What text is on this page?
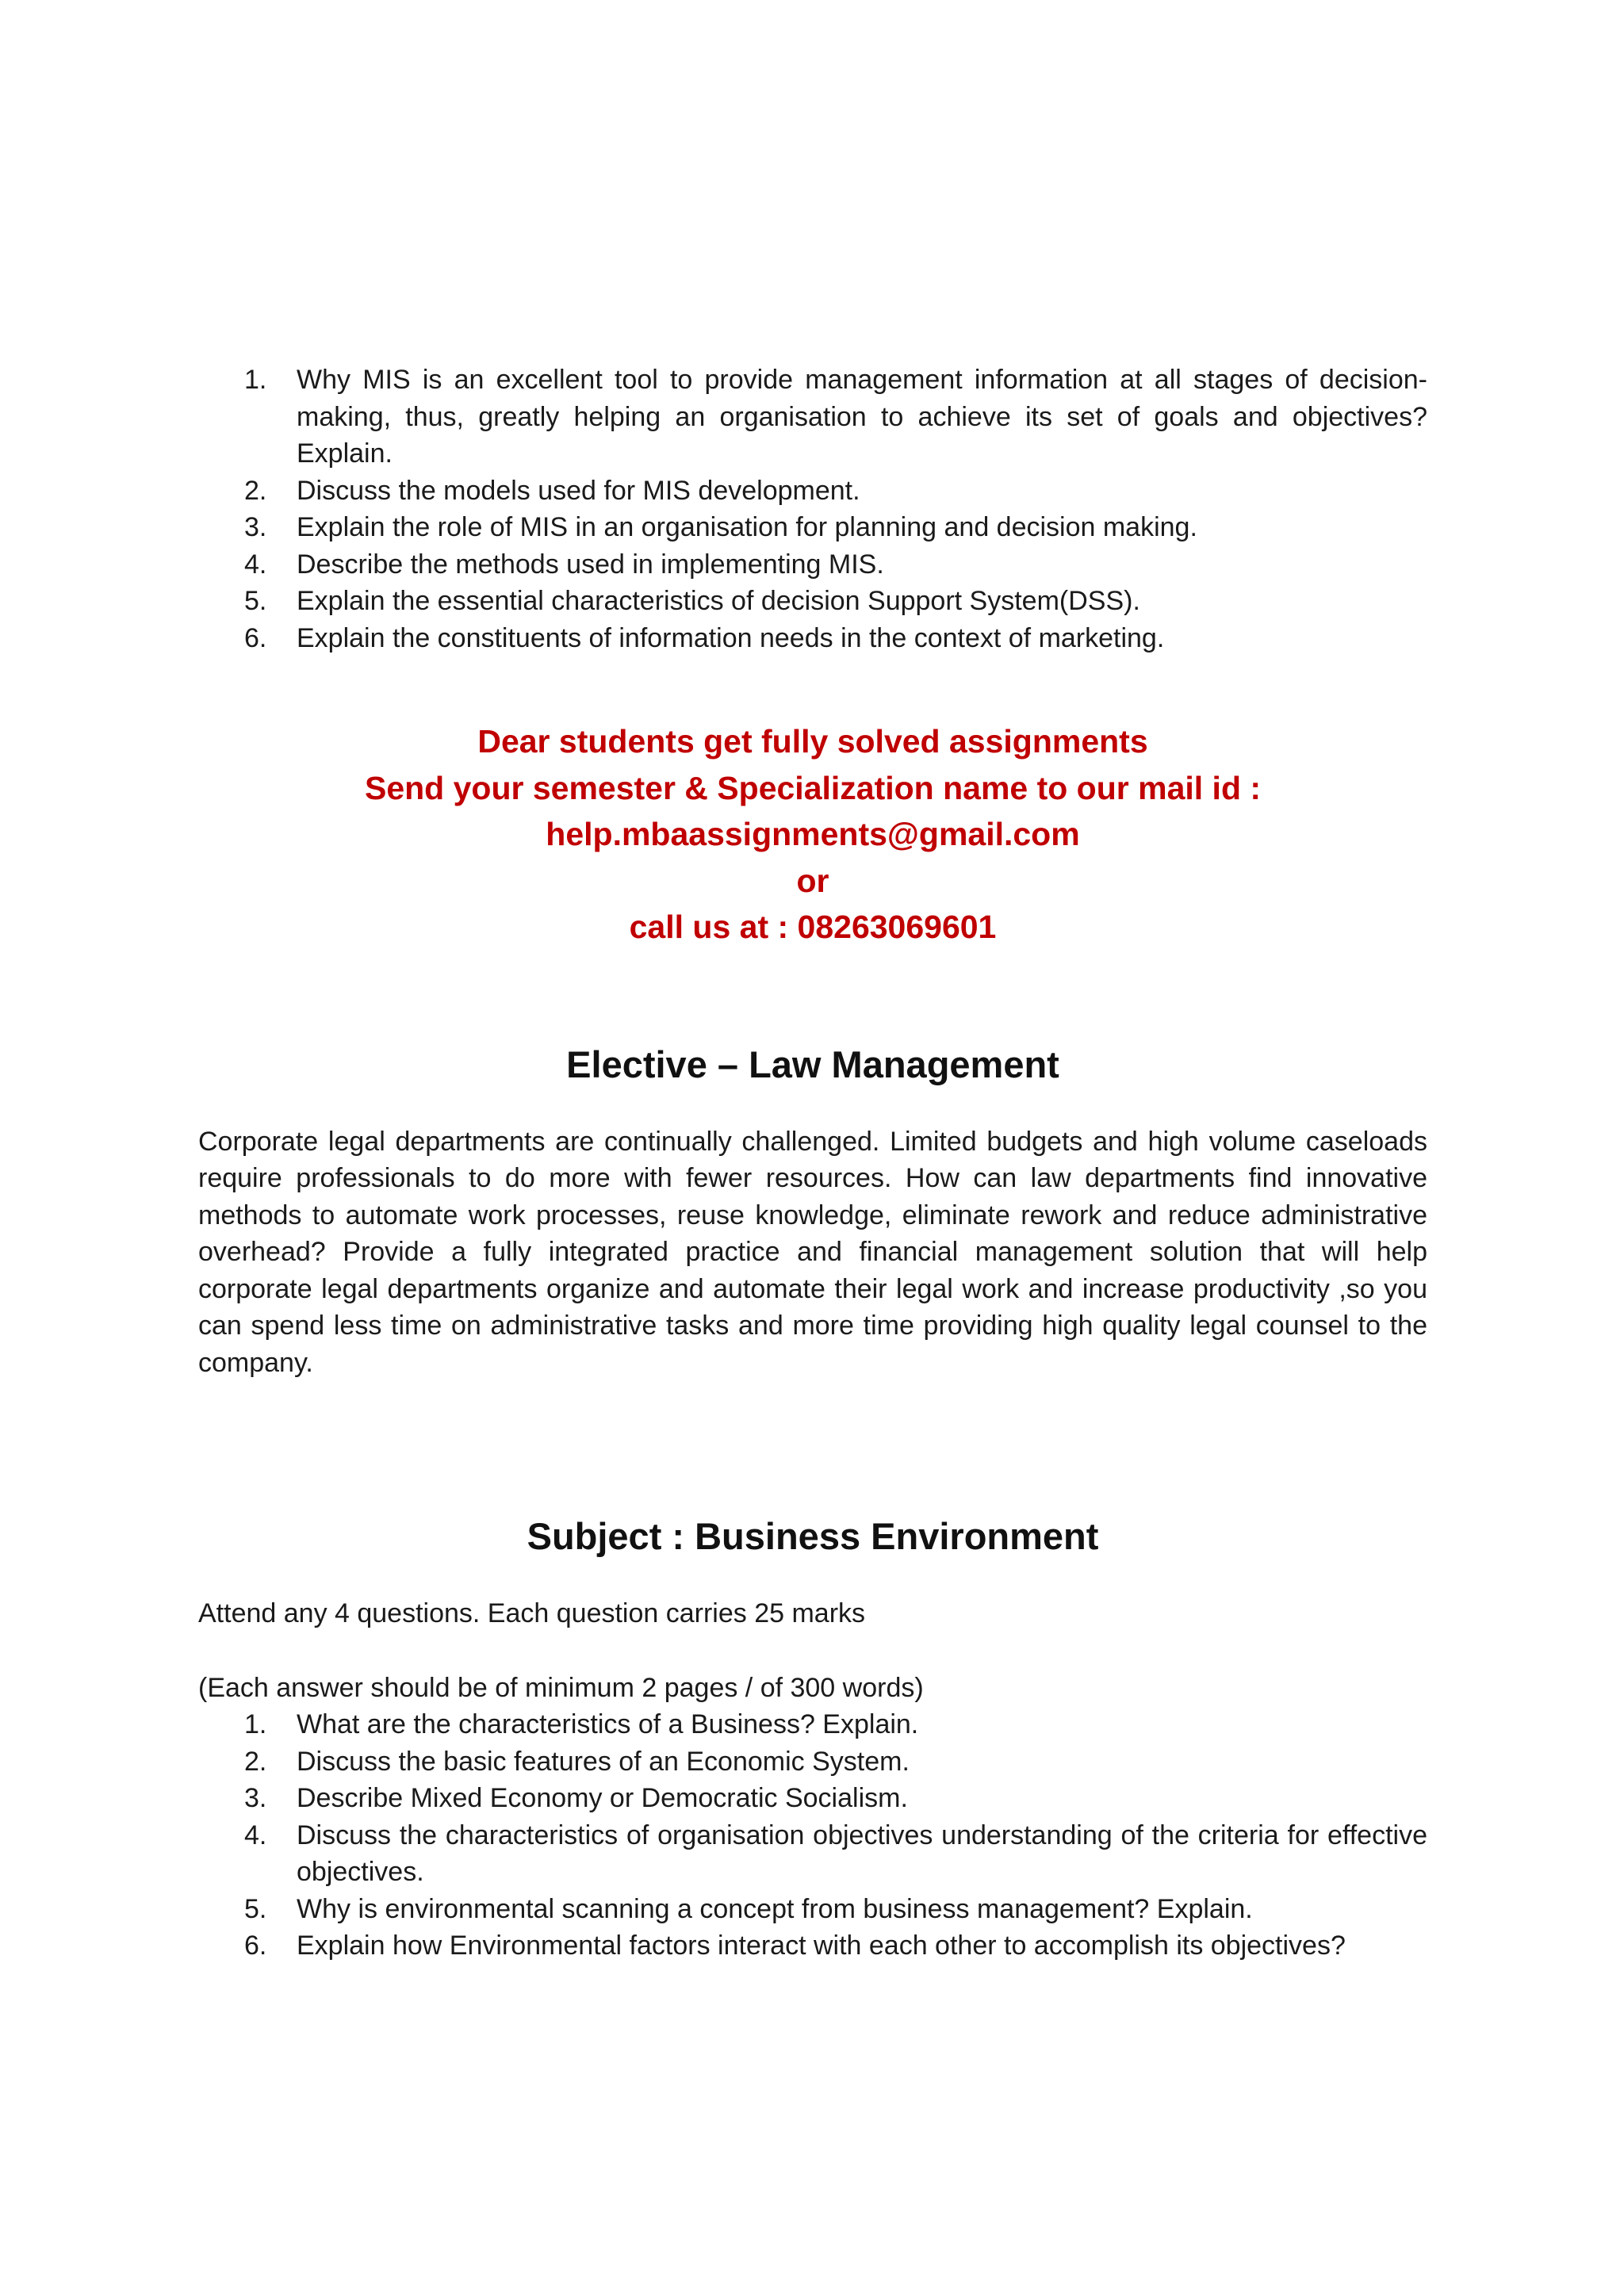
1. Why MIS is an excellent tool to provide management information at all stages of decision-making, thus, greatly helping an organisation to achieve its set of goals and objectives? Explain.
2. Discuss the models used for MIS development.
3. Explain the role of MIS in an organisation for planning and decision making.
4. Describe the methods used in implementing MIS.
5. Explain the essential characteristics of decision Support System(DSS).
6. Explain the constituents of information needs in the context of marketing.
Dear students get fully solved assignments
Send your semester & Specialization name to our mail id :
help.mbaassignments@gmail.com
or
call us at : 08263069601
Elective – Law Management

Corporate legal departments are continually challenged. Limited budgets and high volume caseloads require professionals to do more with fewer resources. How can law departments find innovative methods to automate work processes, reuse knowledge, eliminate rework and reduce administrative overhead? Provide a fully integrated practice and financial management solution that will help corporate legal departments organize and automate their legal work and increase productivity ,so you can spend less time on administrative tasks and more time providing high quality legal counsel to the company.

Subject : Business Environment
Attend any 4 questions. Each question carries 25 marks
(Each answer should be of minimum 2 pages / of 300 words)
1. What are the characteristics of a Business? Explain.
2. Discuss the basic features of an Economic System.
3. Describe Mixed Economy or Democratic Socialism.
4. Discuss the characteristics of organisation objectives understanding of the criteria for effective objectives.
5. Why is environmental scanning a concept from business management? Explain.
6. Explain how Environmental factors interact with each other to accomplish its objectives?
